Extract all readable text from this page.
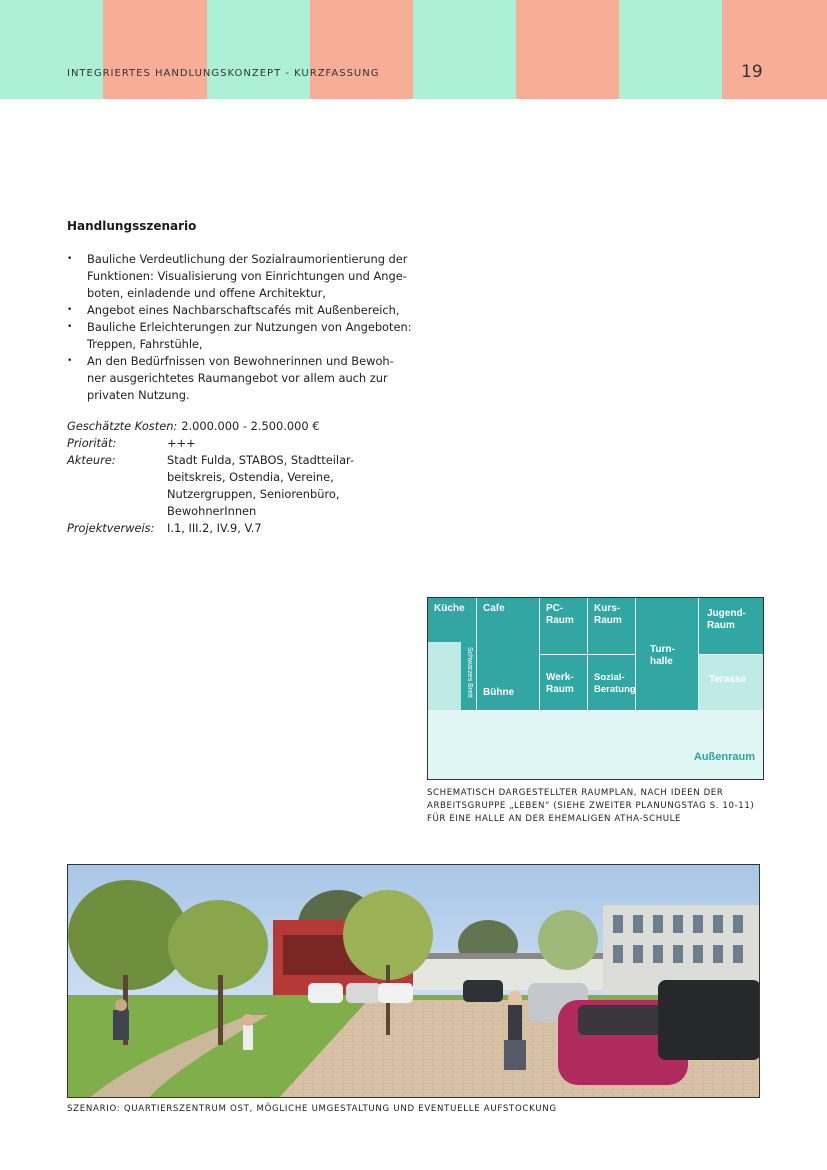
INTEGRIERTES HANDLUNGSKONZEPT - KURZFASSUNG	19
Handlungsszenario
• Bauliche Verdeutlichung der Sozialraumorientierung der Funktionen: Visualisierung von Einrichtungen und Ange-boten, einladende und offene Architektur,
• Angebot eines Nachbarschaftscafés mit Außenbereich,
• Bauliche Erleichterungen zur Nutzungen von Angeboten: Treppen, Fahrstühle,
• An den Bedürfnissen von Bewohnerinnen und Bewoh-ner ausgerichtetes Raumangebot vor allem auch zur privaten Nutzung.
Geschätzte Kosten: 2.000.000 - 2.500.000 €
Priorität:	+++
Akteure:	Stadt Fulda, STABOS, Stadtteilar-beitskreis, Ostendia, Vereine, Nutzergruppen, Seniorenbüro, BewohnerInnen
Projektverweis:	I.1, III.2, IV.9, V.7
Küche
Schwarzes Brett
Cafe
Bühne
PC-Raum
Kurs-Raum
Werk-Raum
Sozial-Beratung
Turn-halle
Jugend-Raum
Terasse
Außenraum
SCHEMATISCH DARGESTELLTER RAUMPLAN, NACH IDEEN DER ARBEITSGRUPPE „LEBEN“ (SIEHE ZWEITER PLANUNGSTAG S. 10-11) FÜR EINE HALLE AN DER EHEMALIGEN ATHA-SCHULE
SZENARIO: QUARTIERSZENTRUM OST, MÖGLICHE UMGESTALTUNG UND EVENTUELLE AUFSTOCKUNG
